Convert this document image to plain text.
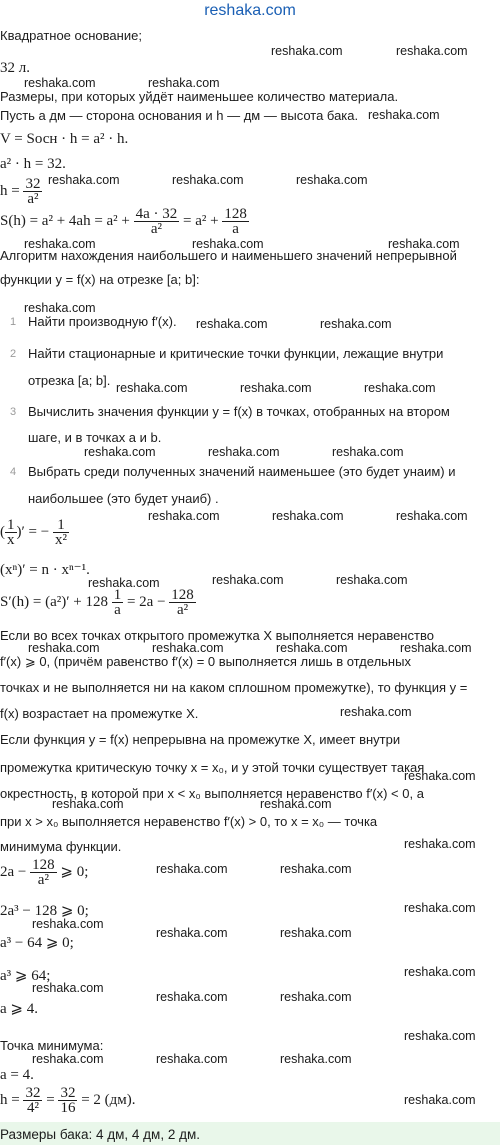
reshaka.com
Квадратное основание;
32 л.
Размеры, при которых уйдёт наименьшее количество материала.
Пусть a дм — сторона основания и h — дм — высота бака.
V = Sосн · h = a² · h.
a² · h = 32.
$h = \frac{32}{\text{a²}}$
$S(h) = a^2 + 4ah = a^2 + \frac{4a \cdot 32}{\text{a²}} = a^2 + \frac{128}{a}$
Алгоритм нахождения наибольшего и наименьшего значений непрерывной
функции y = f(x) на отрезке [a; b]:
1 Найти производную f′(x).
2 Найти стационарные и критические точки функции, лежащие внутри
отрезка [a; b].
3 Вычислить значения функции y = f(x) в точках, отобранных на втором
шаге, и в точках a и b.
4 Выбрать среди полученных значений наименьшее (это будет yнаим) и
наибольшее (это будет yнаиб) .
( $\frac{1}{x}$ )′ = − $\frac{1}{\text{x²}}$
(xⁿ)′ = n · xⁿ⁻¹.
$S'(h) = (a^2)' + 128 \frac{1}{a} = 2a - \frac{128}{\text{a²}}$
Если во всех точках открытого промежутка X выполняется неравенство
f′(x) ⩾ 0, (причём равенство f′(x) = 0 выполняется лишь в отдельных
точках и не выполняется ни на каком сплошном промежутке), то функция y =
f(x) возрастает на промежутке X.
Если функция y = f(x) непрерывна на промежутке X, имеет внутри
промежутка критическую точку x = x₀, и у этой точки существует такая
окрестность, в которой при x < x₀ выполняется неравенство f′(x) < 0, а
при x > x₀ выполняется неравенство f′(x) > 0, то x = x₀ — точка
минимума функции.
$2a - \frac{128}{\text{a²}}$ ⩾ 0;
2a³ − 128 ⩾ 0;
a³ − 64 ⩾ 0;
a³ ⩾ 64;
a ⩾ 4.
Точка минимума:
a = 4.
$h = \frac{32}{\text{4²}} = \frac{32}{16} = 2$ (дм).
Размеры бака: 4 дм, 4 дм, 2 дм.
reshaka.com	reshaka.com
reshaka.com	reshaka.com
reshaka.com
reshaka.com	reshaka.com	reshaka.com
reshaka.com	reshaka.com	reshaka.com
reshaka.com
reshaka.com	reshaka.com
reshaka.com	reshaka.com	reshaka.com
reshaka.com	reshaka.com	reshaka.com
reshaka.com	reshaka.com	reshaka.com
reshaka.com	reshaka.com	reshaka.com
reshaka.com	reshaka.com	reshaka.com	reshaka.com
reshaka.com
reshaka.com
reshaka.com	reshaka.com
reshaka.com
reshaka.com	reshaka.com
reshaka.com
reshaka.com
reshaka.com	reshaka.com
reshaka.com
reshaka.com
reshaka.com	reshaka.com
reshaka.com
reshaka.com	reshaka.com	reshaka.com
reshaka.com
